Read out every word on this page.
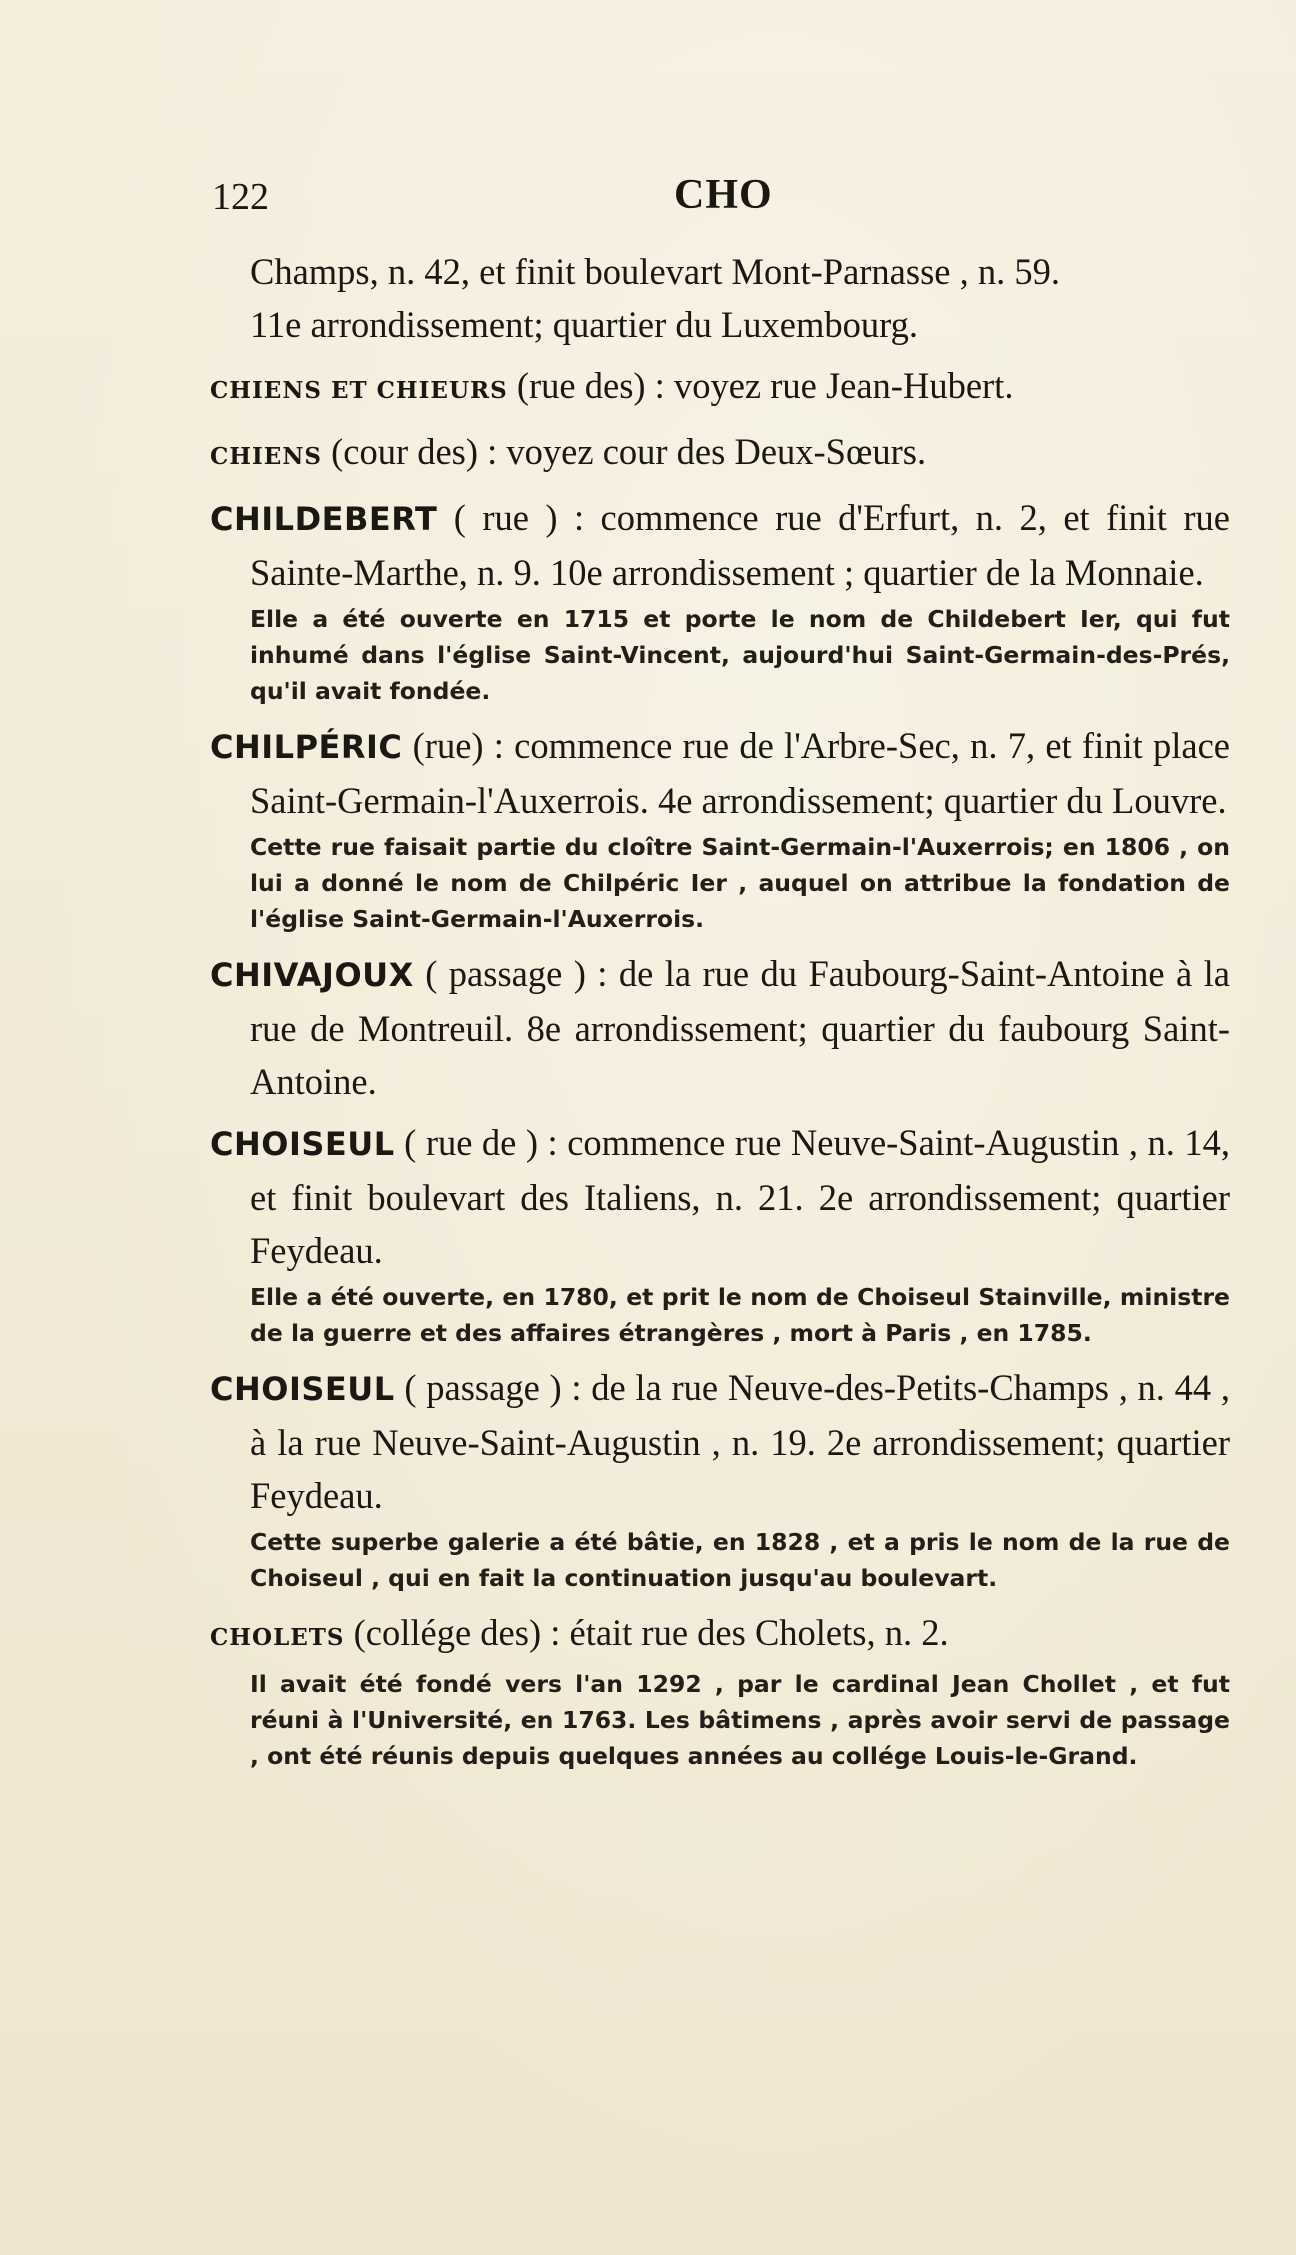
122	CHO
Champs, n. 42, et finit boulevart Mont-Parnasse , n. 59.
11e arrondissement; quartier du Luxembourg.
CHIENS ET CHIEURS (rue des) : voyez rue Jean-Hubert.
CHIENS (cour des) : voyez cour des Deux-Sœurs.
CHILDEBERT ( rue ) : commence rue d'Erfurt, n. 2, et finit rue Sainte-Marthe, n. 9. 10e arrondissement ; quartier de la Monnaie.
Elle a été ouverte en 1715 et porte le nom de Childebert Ier, qui fut inhumé dans l'église Saint-Vincent, aujourd'hui Saint-Germain-des-Prés, qu'il avait fondée.
CHILPÉRIC (rue) : commence rue de l'Arbre-Sec, n. 7, et finit place Saint-Germain-l'Auxerrois. 4e arrondissement; quartier du Louvre.
Cette rue faisait partie du cloître Saint-Germain-l'Auxerrois; en 1806 , on lui a donné le nom de Chilpéric Ier , auquel on attribue la fondation de l'église Saint-Germain-l'Auxerrois.
CHIVAJOUX ( passage ) : de la rue du Faubourg-Saint-Antoine à la rue de Montreuil. 8e arrondissement; quartier du faubourg Saint-Antoine.
CHOISEUL ( rue de ) : commence rue Neuve-Saint-Augustin , n. 14, et finit boulevart des Italiens, n. 21. 2e arrondissement; quartier Feydeau.
Elle a été ouverte, en 1780, et prit le nom de Choiseul Stainville, ministre de la guerre et des affaires étrangères , mort à Paris , en 1785.
CHOISEUL ( passage ) : de la rue Neuve-des-Petits-Champs , n. 44 , à la rue Neuve-Saint-Augustin , n. 19. 2e arrondissement; quartier Feydeau.
Cette superbe galerie a été bâtie, en 1828 , et a pris le nom de la rue de Choiseul , qui en fait la continuation jusqu'au boulevart.
CHOLETS (collége des) : était rue des Cholets, n. 2.
Il avait été fondé vers l'an 1292 , par le cardinal Jean Chollet , et fut réuni à l'Université, en 1763. Les bâtimens , après avoir servi de passage , ont été réunis depuis quelques années au collége Louis-le-Grand.
